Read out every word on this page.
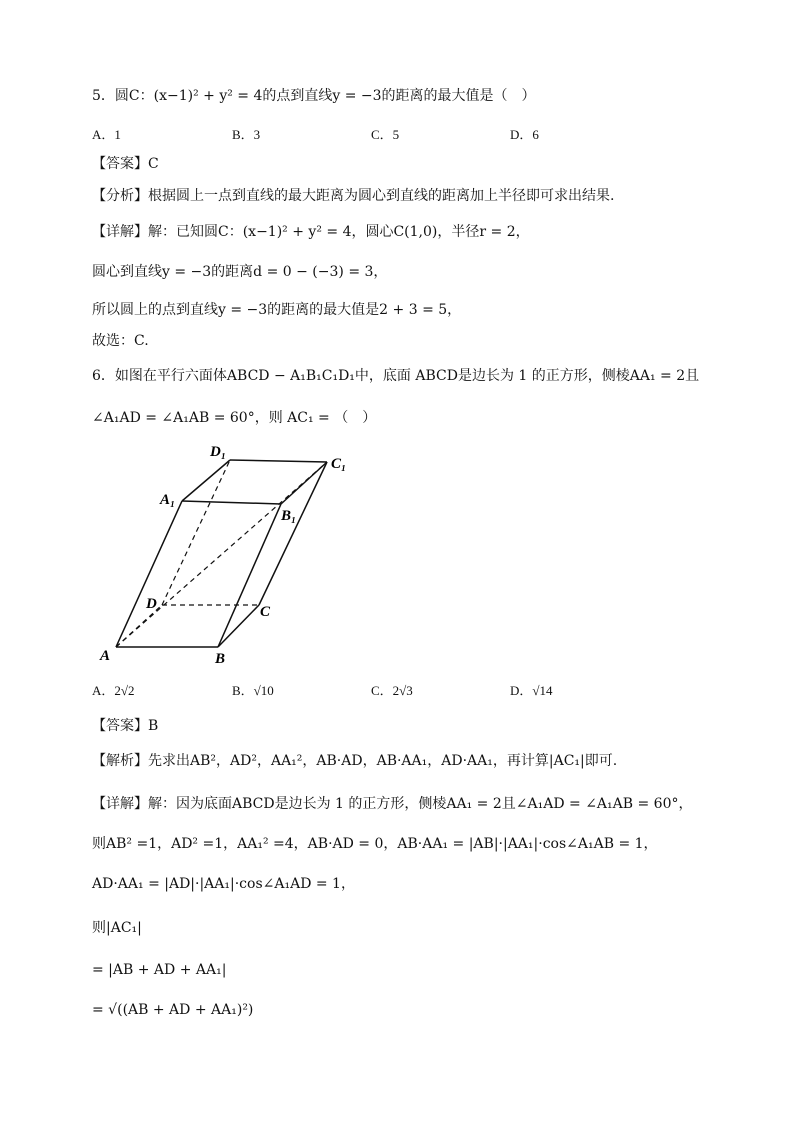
5．圆C：(x−1)² + y² = 4的点到直线y = −3的距离的最大值是（　）
A．1	B．3	C．5	D．6
【答案】C
【分析】根据圆上一点到直线的最大距离为圆心到直线的距离加上半径即可求出结果.
【详解】解：已知圆C：(x−1)² + y² = 4，圆心C(1,0)，半径r = 2，
圆心到直线y = −3的距离d = 0 − (−3) = 3，
所以圆上的点到直线y = −3的距离的最大值是2 + 3 = 5，
故选：C.
6．如图在平行六面体ABCD − A₁B₁C₁D₁中，底面 ABCD是边长为 1 的正方形，侧棱AA₁ = 2且
∠A₁AD = ∠A₁AB = 60°，则 AC₁ = （　）
A	B
C
D
A₁
B₁
C₁
D₁
A．2√2	B．√10	C．2√3	D．√14
【答案】B
【解析】先求出AB²，AD²，AA₁²，AB·AD，AB·AA₁，AD·AA₁，再计算|AC₁|即可.
【详解】解：因为底面ABCD是边长为 1 的正方形，侧棱AA₁ = 2且∠A₁AD = ∠A₁AB = 60°，
则AB² =1，AD² =1，AA₁² =4，AB·AD = 0，AB·AA₁ = |AB|·|AA₁|·cos∠A₁AB = 1，
AD·AA₁ = |AD|·|AA₁|·cos∠A₁AD = 1，
则|AC₁|
= |AB + AD + AA₁|
= √((AB + AD + AA₁)²)
